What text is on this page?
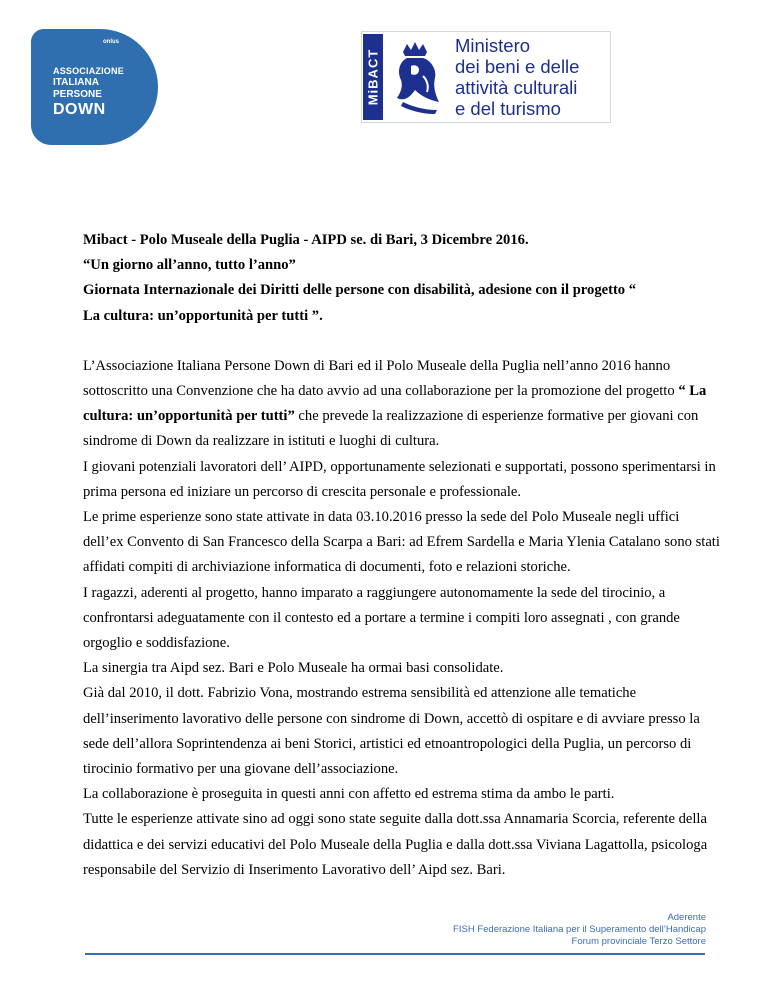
onlus
ASSOCIAZIONE
ITALIANA
PERSONE
DOWN
MiBACT
Ministero
dei beni e delle
attività culturali
e del turismo

Mibact - Polo Museale della Puglia - AIPD se. di Bari, 3 Dicembre 2016.

“Un giorno all’anno, tutto l’anno”

Giornata Internazionale dei Diritti delle persone con disabilità, adesione con il progetto “

La cultura: un’opportunità per tutti ”.

L’Associazione Italiana Persone Down di Bari ed il Polo Museale della Puglia nell’anno 2016 hanno sottoscritto una Convenzione che ha dato avvio ad una collaborazione per la promozione del progetto “ La cultura: un’opportunità per tutti” che prevede la realizzazione di esperienze formative per giovani con sindrome di Down da realizzare in istituti e luoghi di cultura.

I giovani potenziali lavoratori dell’ AIPD, opportunamente selezionati e supportati, possono sperimentarsi in prima persona ed iniziare un percorso di crescita personale e professionale.

Le prime esperienze sono state attivate in data 03.10.2016 presso la sede del Polo Museale negli uffici dell’ex Convento di San Francesco della Scarpa a Bari: ad Efrem Sardella e Maria Ylenia Catalano sono stati affidati compiti di archiviazione informatica di documenti, foto e relazioni storiche.

I ragazzi, aderenti al progetto, hanno imparato a raggiungere autonomamente la sede del tirocinio, a confrontarsi adeguatamente con il contesto ed a portare a termine i compiti loro assegnati , con grande orgoglio e soddisfazione.

La sinergia tra Aipd sez. Bari e Polo Museale ha ormai basi consolidate.

Già dal 2010, il dott. Fabrizio Vona, mostrando estrema sensibilità ed attenzione alle tematiche dell’inserimento lavorativo delle persone con sindrome di Down, accettò di ospitare e di avviare presso la sede dell’allora Soprintendenza ai beni Storici, artistici ed etnoantropologici della Puglia, un percorso di tirocinio formativo per una giovane dell’associazione.

La collaborazione è proseguita in questi anni con affetto ed estrema stima da ambo le parti.

Tutte le esperienze attivate sino ad oggi sono state seguite dalla dott.ssa Annamaria Scorcia, referente della didattica e dei servizi educativi del Polo Museale della Puglia e dalla dott.ssa Viviana Lagattolla, psicologa responsabile del Servizio di Inserimento Lavorativo dell’ Aipd sez. Bari.

Aderente
FISH Federazione Italiana per il Superamento dell’Handicap
Forum provinciale Terzo Settore
